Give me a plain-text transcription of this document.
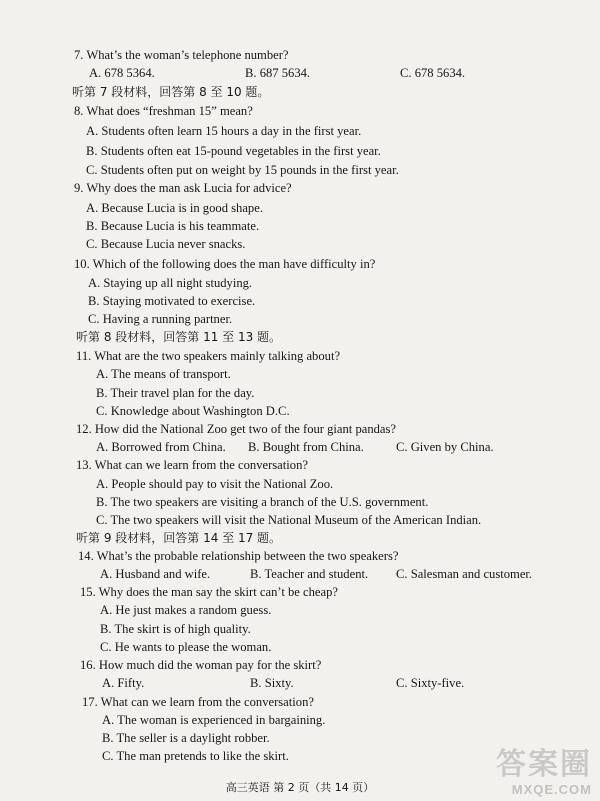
7. What’s the woman’s telephone number?
A. 678 5364.	B. 687 5634.	C. 678 5634.
听第 7 段材料，回答第 8 至 10 题。
8. What does “freshman 15” mean?
A. Students often learn 15 hours a day in the first year.
B. Students often eat 15-pound vegetables in the first year.
C. Students often put on weight by 15 pounds in the first year.
9. Why does the man ask Lucia for advice?
A. Because Lucia is in good shape.
B. Because Lucia is his teammate.
C. Because Lucia never snacks.
10. Which of the following does the man have difficulty in?
A. Staying up all night studying.
B. Staying motivated to exercise.
C. Having a running partner.
听第 8 段材料，回答第 11 至 13 题。
11. What are the two speakers mainly talking about?
A. The means of transport.
B. Their travel plan for the day.
C. Knowledge about Washington D.C.
12. How did the National Zoo get two of the four giant pandas?
A. Borrowed from China. B. Bought from China.	C. Given by China.
13. What can we learn from the conversation?
A. People should pay to visit the National Zoo.
B. The two speakers are visiting a branch of the U.S. government.
C. The two speakers will visit the National Museum of the American Indian.
听第 9 段材料，回答第 14 至 17 题。
14. What’s the probable relationship between the two speakers?
A. Husband and wife.	B. Teacher and student. C. Salesman and customer.
15. Why does the man say the skirt can’t be cheap?
A. He just makes a random guess.
B. The skirt is of high quality.
C. He wants to please the woman.
16. How much did the woman pay for the skirt?
A. Fifty.	B. Sixty.	C. Sixty-five.
17. What can we learn from the conversation?
A. The woman is experienced in bargaining.
B. The seller is a daylight robber.
C. The man pretends to like the skirt.
高三英语 第 2 页（共 14 页）
答案圈
MXQE.COM
